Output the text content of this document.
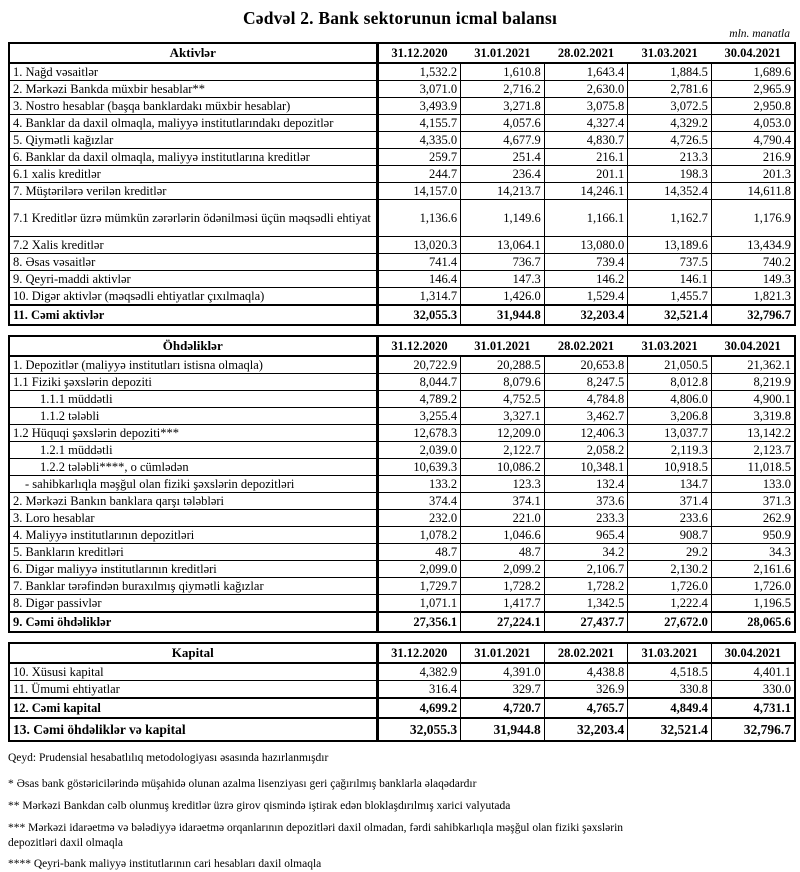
Cədvəl 2. Bank sektorunun icmal balansı
mln. manatla
Aktivlər	31.12.2020	31.01.2021	28.02.2021	31.03.2021	30.04.2021
1. Nağd vəsaitlər	1,532.2	1,610.8	1,643.4	1,884.5	1,689.6
2. Mərkəzi Bankda müxbir hesablar**	3,071.0	2,716.2	2,630.0	2,781.6	2,965.9
3. Nostro hesablar (başqa banklardakı müxbir hesablar)	3,493.9	3,271.8	3,075.8	3,072.5	2,950.8
4. Banklar da daxil olmaqla, maliyyə institutlarındakı depozitlər	4,155.7	4,057.6	4,327.4	4,329.2	4,053.0
5. Qiymətli kağızlar	4,335.0	4,677.9	4,830.7	4,726.5	4,790.4
6. Banklar da daxil olmaqla, maliyyə institutlarına kreditlər	259.7	251.4	216.1	213.3	216.9
6.1 xalis kreditlər	244.7	236.4	201.1	198.3	201.3
7. Müştərilərə verilən kreditlər	14,157.0	14,213.7	14,246.1	14,352.4	14,611.8
7.1 Kreditlər üzrə mümkün zərərlərin ödənilməsi üçün məqsədli ehtiyat	1,136.6	1,149.6	1,166.1	1,162.7	1,176.9
7.2 Xalis kreditlər	13,020.3	13,064.1	13,080.0	13,189.6	13,434.9
8. Əsas vəsaitlər	741.4	736.7	739.4	737.5	740.2
9. Qeyri-maddi aktivlər	146.4	147.3	146.2	146.1	149.3
10. Digər aktivlər (məqsədli ehtiyatlar çıxılmaqla)	1,314.7	1,426.0	1,529.4	1,455.7	1,821.3
11. Cəmi aktivlər	32,055.3	31,944.8	32,203.4	32,521.4	32,796.7
Öhdəliklər	31.12.2020	31.01.2021	28.02.2021	31.03.2021	30.04.2021
1. Depozitlər (maliyyə institutları istisna olmaqla)	20,722.9	20,288.5	20,653.8	21,050.5	21,362.1
1.1 Fiziki şəxslərin depoziti	8,044.7	8,079.6	8,247.5	8,012.8	8,219.9
1.1.1 müddətli	4,789.2	4,752.5	4,784.8	4,806.0	4,900.1
1.1.2 tələbli	3,255.4	3,327.1	3,462.7	3,206.8	3,319.8
1.2 Hüquqi şəxslərin depoziti***	12,678.3	12,209.0	12,406.3	13,037.7	13,142.2
1.2.1 müddətli	2,039.0	2,122.7	2,058.2	2,119.3	2,123.7
1.2.2 tələbli****, o cümlədən	10,639.3	10,086.2	10,348.1	10,918.5	11,018.5
- sahibkarlıqla məşğul olan fiziki şəxslərin depozitləri	133.2	123.3	132.4	134.7	133.0
2. Mərkəzi Bankın banklara qarşı tələbləri	374.4	374.1	373.6	371.4	371.3
3. Loro hesablar	232.0	221.0	233.3	233.6	262.9
4. Maliyyə institutlarının depozitləri	1,078.2	1,046.6	965.4	908.7	950.9
5. Bankların kreditləri	48.7	48.7	34.2	29.2	34.3
6. Digər maliyyə institutlarının kreditləri	2,099.0	2,099.2	2,106.7	2,130.2	2,161.6
7. Banklar tərəfindən buraxılmış qiymətli kağızlar	1,729.7	1,728.2	1,728.2	1,726.0	1,726.0
8. Digər passivlər	1,071.1	1,417.7	1,342.5	1,222.4	1,196.5
9. Cəmi öhdəliklər	27,356.1	27,224.1	27,437.7	27,672.0	28,065.6
Kapital	31.12.2020	31.01.2021	28.02.2021	31.03.2021	30.04.2021
10. Xüsusi kapital	4,382.9	4,391.0	4,438.8	4,518.5	4,401.1
11. Ümumi ehtiyatlar	316.4	329.7	326.9	330.8	330.0
12. Cəmi kapital	4,699.2	4,720.7	4,765.7	4,849.4	4,731.1
13. Cəmi öhdəliklər və kapital	32,055.3	31,944.8	32,203.4	32,521.4	32,796.7
Qeyd: Prudensial hesabatlılıq metodologiyası əsasında hazırlanmışdır
* Əsas bank göstəricilərində müşahidə olunan azalma lisenziyası geri çağırılmış banklarla əlaqədardır
** Mərkəzi Bankdan cəlb olunmuş kreditlər üzrə girov qismində iştirak edən bloklaşdırılmış xarici valyutada
*** Mərkəzi idarəetmə və bələdiyyə idarəetmə orqanlarının depozitləri daxil olmadan, fərdi sahibkarlıqla məşğul olan fiziki şəxslərin depozitləri daxil olmaqla
**** Qeyri-bank maliyyə institutlarının cari hesabları daxil olmaqla
